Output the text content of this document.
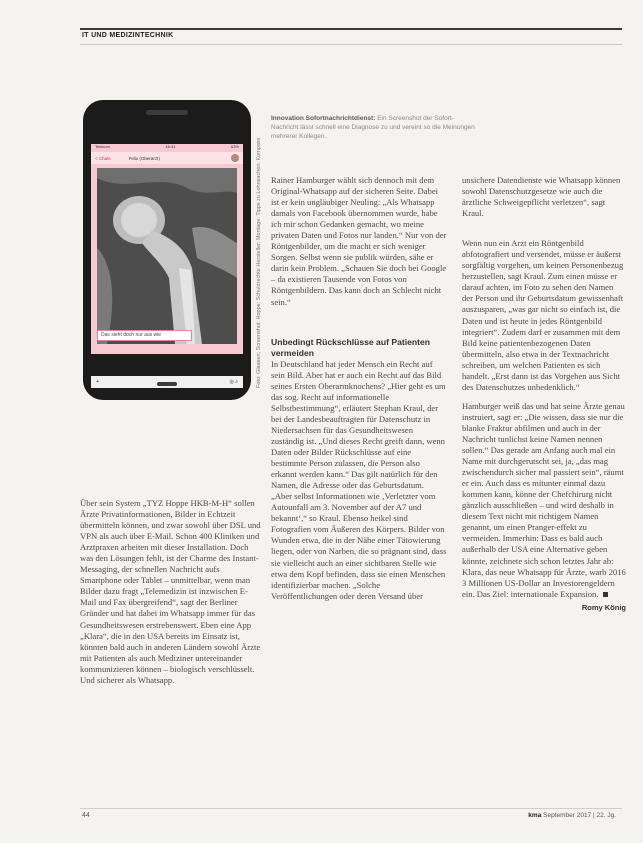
IT UND MEDIZINTECHNIK
Telekom	16:41	63%
< Chats	Felix (Oberarzt)
Das sieht doch nur aus wie
+	◎ ⌕	Foto: Glaasen; Screenshot: Hoppe; Schutzrechte Hersteller; Montage: Tipps zu Lohnsachen: Kompass
Innovation Sofortnachrichtdienst: Ein Screenshot der Sofort-Nachricht lässt schnell eine Diagnose zu und vereint so die Meinungen mehrerer Kollegen.

Über sein System „TYZ Hoppe HKB-M-H“ sollen Ärzte Privatinformationen, Bilder in Echtzeit übermitteln können, und zwar sowohl über DSL und VPN als auch über E-Mail. Schon 400 Kliniken und Arztpraxen arbeiten mit dieser Installation. Doch was den Lösungen fehlt, ist der Charme des Instant-Messaging, der schnellen Nachricht aufs Smartphone oder Tablet – unmittelbar, wenn man Bilder dazu fragt „Telemedizin ist inzwischen E-Mail und Fax übergreifend“, sagt der Berliner Gründer und hat dabei im Whatsapp immer für das Gesundheitswesen erstrebenswert. Eben eine App „Klara“, die in den USA bereits im Einsatz ist, könnten bald auch in anderen Ländern sowohl Ärzte mit Patienten als auch Mediziner untereinander kommunizieren können – biologisch verschlüsselt. Und sicherer als Whatsapp.

Rainer Hamburger wählt sich dennoch mit dem Original-Whatsapp auf der sicheren Seite. Dabei ist er kein ungläubiger Neuling: „Als Whatsapp damals von Facebook übernommen wurde, habe ich mir schon Gedanken gemacht, wo meine privaten Daten und Fotos nur landen.“ Nur von der Röntgenbilder, um die macht er sich weniger Sorgen. Selbst wenn sie publik würden, sähe er darin kein Problem. „Schauen Sie doch bei Google – da existieren Tausende von Fotos von Röntgenbildern. Das kann doch an Schlecht nicht sein.“

Unbedingt Rückschlüsse auf Patienten vermeiden

In Deutschland hat jeder Mensch ein Recht auf sein Bild. Aber hat er auch ein Recht auf das Bild seines Ersten Oberarmknochens? „Hier geht es um das sog. Recht auf informationelle Selbstbestimmung“, erläutert Stephan Kraul, der bei der Landesbeauftragten für Datenschutz in Niedersachsen für das Gesundheitswesen zuständig ist. „Und dieses Recht greift dann, wenn Daten oder Bilder Rückschlüsse auf eine bestimmte Person zulassen, die Person also erkannt werden kann.“ Das gilt natürlich für den Namen, die Adresse oder das Geburtsdatum. „Aber selbst Informationen wie ‚Verletzter vom Autounfall am 3. November auf der A7 und bekannt‘,“ so Kraul. Ebenso heikel sind Fotografien vom Äußeren des Körpers. Bilder von Wunden etwa, die in der Nähe einer Tätowierung liegen, oder von Narben, die so prägnant sind, dass sie vielleicht auch an einer sichtbaren Stelle wie etwa dem Kopf befinden, dass sie einen Menschen identifizierbar machen. „Solche Veröffentlichungen oder deren Versand über

unsichere Datendienste wie Whatsapp können sowohl Datenschutzgesetze wie auch die ärztliche Schweigepflicht verletzen“, sagt Kraul.

Wenn nun ein Arzt ein Röntgenbild abfotografiert und versendet, müsse er äußerst sorgfältig vorgehen, um keinen Personenbezug herzustellen, sagt Kraul. Zum einen müsse er darauf achten, im Foto zu sehen den Namen der Person und ihr Geburtsdatum gewissenhaft auszusparen, „was gar nicht so einfach ist, die Daten und ist heute in jedes Röntgenbild integriert“. Zudem darf er zusammen mit dem Bild keine patientenbezogenen Daten übermitteln, also etwa in der Textnachricht schreiben, um welchen Patienten es sich handelt. „Erst dann ist das Vorgehen aus Sicht des Datenschutzes unbedenklich.“

Hamburger weiß das und hat seine Ärzte genau instruiert, sagt er: „Die wissen, dass sie nur die blanke Fraktur abfilmen und auch in der Nachricht tunlichst keine Namen nennen sollen.“ Das gerade am Anfang auch mal ein Name mit durchgerutscht sei, ja, „das mag zwischendurch sicher mal passiert sein“, räumt er ein. Auch dass es mitunter einmal dazu kommen kann, könne der Chefchirurg nicht gänzlich ausschließen – und wird deshalb in diesem Text nicht mit richtigem Namen genannt, um einen Pranger-effekt zu vermeiden. Immerhin: Dass es bald auch außerhalb der USA eine Alternative geben könnte, zeichnete sich schon letztes Jahr ab: Klara, das neue Whatsapp für Ärzte, warb 2016 3 Millionen US-Dollar an Investorengeldern ein. Das Ziel: internationale Expansion.

Romy König
44	kma September 2017 | 22. Jg.
